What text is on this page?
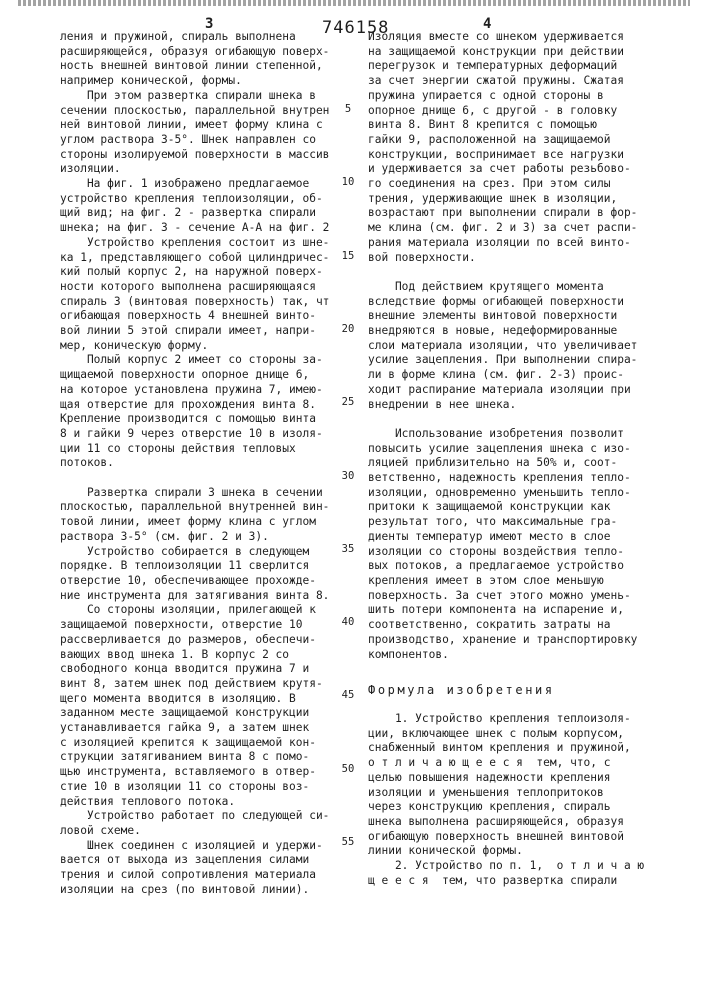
3	746158	4
ления и пружиной, спираль выполнена
расширяющейся, образуя огибающую поверх-
ность внешней винтовой линии степенной,
например конической, формы.
При этом развертка спирали шнека в
сечении плоскостью, параллельной внутрен-
ней винтовой линии, имеет форму клина с
углом раствора 3-5°. Шнек направлен со
стороны изолируемой поверхности в массив
изоляции.
На фиг. 1 изображено предлагаемое
устройство крепления теплоизоляции, об-
щий вид; на фиг. 2 - развертка спирали
шнека; на фиг. 3 - сечение А-А на фиг. 2.
Устройство крепления состоит из шне-
ка 1, представляющего собой цилиндричес-
кий полый корпус 2, на наружной поверх-
ности которого выполнена расширяющаяся
спираль 3 (винтовая поверхность) так, что
огибающая поверхность 4 внешней винто-
вой линии 5 этой спирали имеет, напри-
мер, коническую форму.
Полый корпус 2 имеет со стороны за-
щищаемой поверхности опорное днище 6,
на которое установлена пружина 7, имею-
щая отверстие для прохождения винта 8.
Крепление производится с помощью винта
8 и гайки 9 через отверстие 10 в изоля-
ции 11 со стороны действия тепловых
потоков.
Развертка спирали 3 шнека в сечении
плоскостью, параллельной внутренней вин-
товой линии, имеет форму клина с углом
раствора 3-5° (см. фиг. 2 и 3).
Устройство собирается в следующем
порядке. В теплоизоляции 11 сверлится
отверстие 10, обеспечивающее прохожде-
ние инструмента для затягивания винта 8.
Со стороны изоляции, прилегающей к
защищаемой поверхности, отверстие 10
рассверливается до размеров, обеспечи-
вающих ввод шнека 1. В корпус 2 со
свободного конца вводится пружина 7 и
винт 8, затем шнек под действием крутя-
щего момента вводится в изоляцию. В
заданном месте защищаемой конструкции
устанавливается гайка 9, а затем шнек
с изоляцией крепится к защищаемой кон-
струкции затягиванием винта 8 с помо-
щью инструмента, вставляемого в отвер-
стие 10 в изоляции 11 со стороны воз-
действия теплового потока.
Устройство работает по следующей си-
ловой схеме.
Шнек соединен с изоляцией и удержи-
вается от выхода из зацепления силами
трения и силой сопротивления материала
изоляции на срез (по винтовой линии).
Изоляция вместе со шнеком удерживается
на защищаемой конструкции при действии
перегрузок и температурных деформаций
за счет энергии сжатой пружины. Сжатая
пружина упирается с одной стороны в
опорное днище 6, с другой - в головку
винта 8. Винт 8 крепится с помощью
гайки 9, расположенной на защищаемой
конструкции, воспринимает все нагрузки
и удерживается за счет работы резьбово-
го соединения на срез. При этом силы
трения, удерживающие шнек в изоляции,
возрастают при выполнении спирали в фор-
ме клина (см. фиг. 2 и 3) за счет распи-
рания материала изоляции по всей винто-
вой поверхности.
Под действием крутящего момента
вследствие формы огибающей поверхности
внешние элементы винтовой поверхности
внедряются в новые, недеформированные
слои материала изоляции, что увеличивает
усилие зацепления. При выполнении спира-
ли в форме клина (см. фиг. 2-3) проис-
ходит распирание материала изоляции при
внедрении в нее шнека.
Использование изобретения позволит
повысить усилие зацепления шнека с изо-
ляцией приблизительно на 50% и, соот-
ветственно, надежность крепления тепло-
изоляции, одновременно уменьшить тепло-
притоки к защищаемой конструкции как
результат того, что максимальные гра-
диенты температур имеют место в слое
изоляции со стороны воздействия тепло-
вых потоков, а предлагаемое устройство
крепления имеет в этом слое меньшую
поверхность. За счет этого можно умень-
шить потери компонента на испарение и,
соответственно, сократить затраты на
производство, хранение и транспортировку
компонентов.
Формула изобретения
1. Устройство крепления теплоизоля-
ции, включающее шнек с полым корпусом,
снабженный винтом крепления и пружиной,
о т л и ч а ю щ е е с я  тем, что, с
целью повышения надежности крепления
изоляции и уменьшения теплопритоков
через конструкцию крепления, спираль
шнека выполнена расширяющейся, образуя
огибающую поверхность внешней винтовой
линии конической формы.
2. Устройство по п. 1,  о т л и ч а ю-
щ е е с я  тем, что развертка спирали
5
10
15
20
25
30
35
40
45
50
55
